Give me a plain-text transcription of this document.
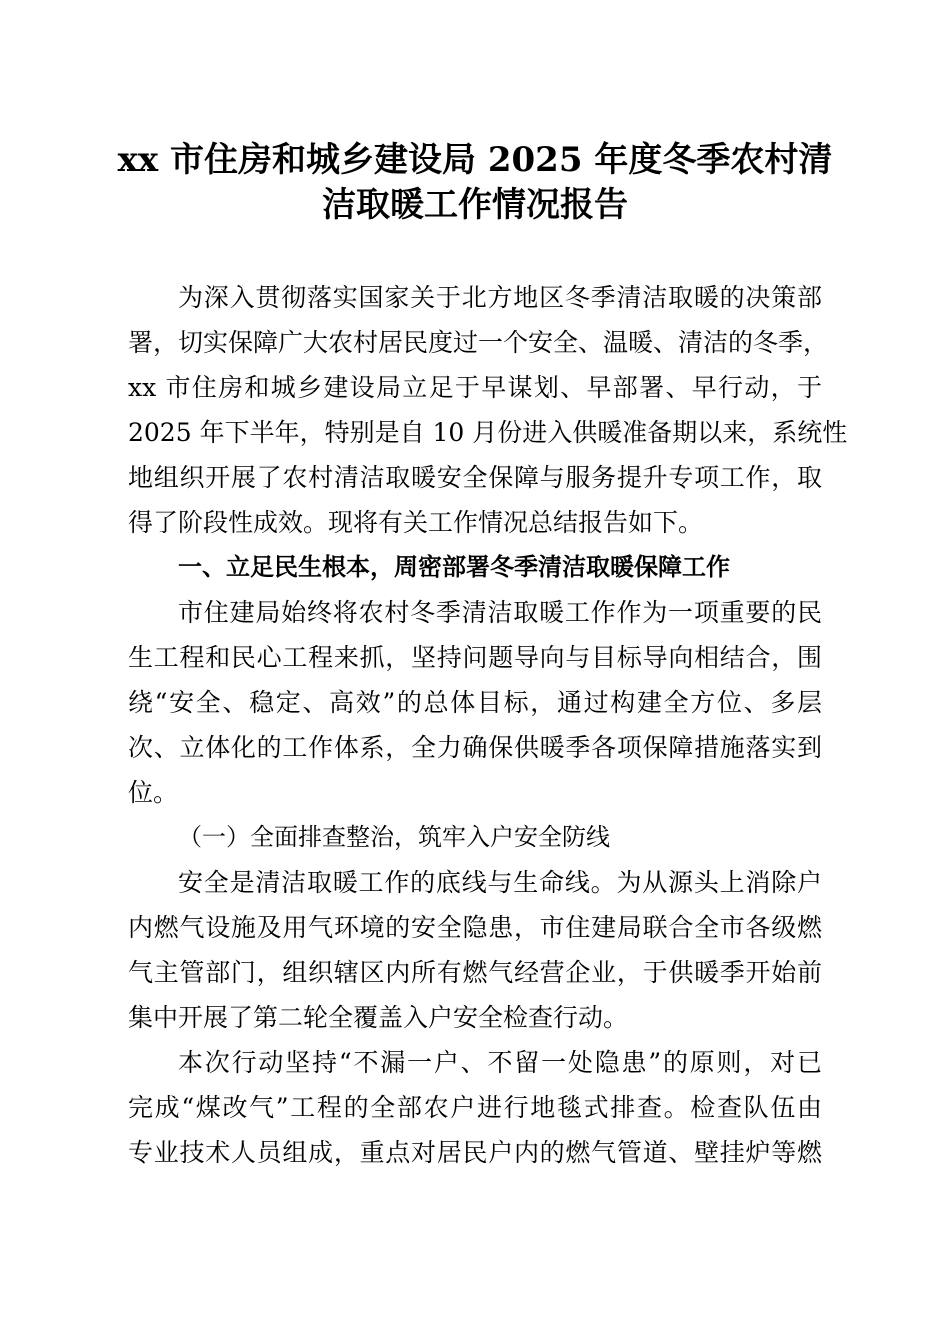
xx 市住房和城乡建设局 2025 年度冬季农村清
洁取暖工作情况报告
为深入贯彻落实国家关于北方地区冬季清洁取暖的决策部
署，切实保障广大农村居民度过一个安全、温暖、清洁的冬季，
xx 市住房和城乡建设局立足于早谋划、早部署、早行动，于
2025 年下半年，特别是自 10 月份进入供暖准备期以来，系统性
地组织开展了农村清洁取暖安全保障与服务提升专项工作，取
得了阶段性成效。现将有关工作情况总结报告如下。
一、立足民生根本，周密部署冬季清洁取暖保障工作
市住建局始终将农村冬季清洁取暖工作作为一项重要的民
生工程和民心工程来抓，坚持问题导向与目标导向相结合，围
绕“安全、稳定、高效”的总体目标，通过构建全方位、多层
次、立体化的工作体系，全力确保供暖季各项保障措施落实到
位。
（一）全面排查整治，筑牢入户安全防线
安全是清洁取暖工作的底线与生命线。为从源头上消除户
内燃气设施及用气环境的安全隐患，市住建局联合全市各级燃
气主管部门，组织辖区内所有燃气经营企业，于供暖季开始前
集中开展了第二轮全覆盖入户安全检查行动。
本次行动坚持“不漏一户、不留一处隐患”的原则，对已
完成“煤改气”工程的全部农户进行地毯式排查。检查队伍由
专业技术人员组成，重点对居民户内的燃气管道、壁挂炉等燃
